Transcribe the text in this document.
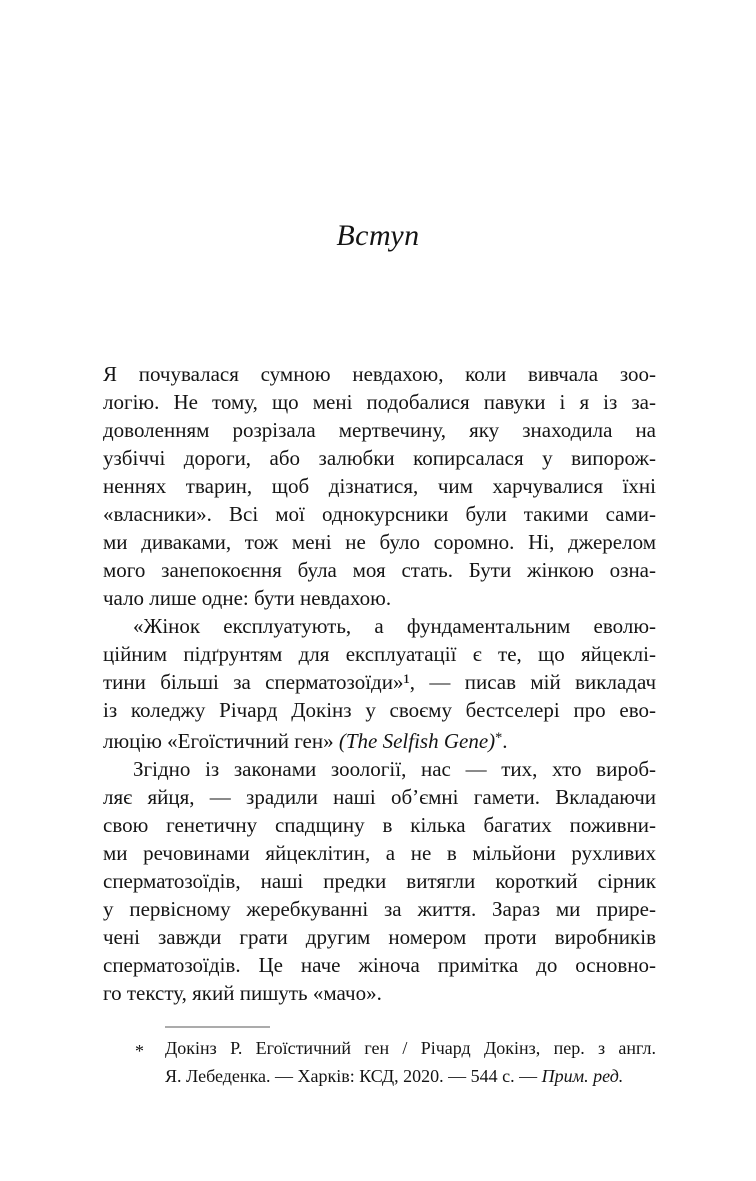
Вступ
Я почувалася сумною невдахою, коли вивчала зоо-
логію. Не тому, що мені подобалися павуки і я із за-
доволенням розрізала мертвечину, яку знаходила на
узбіччі дороги, або залюбки копирсалася у випорож-
неннях тварин, щоб дізнатися, чим харчувалися їхні
«власники». Всі мої однокурсники були такими сами-
ми диваками, тож мені не було соромно. Ні, джерелом
мого занепокоєння була моя стать. Бути жінкою озна-
чало лише одне: бути невдахою.
«Жінок експлуатують, а фундаментальним еволю-
ційним підґрунтям для експлуатації є те, що яйцеклі-
тини більші за сперматозоїди»¹, — писав мій викладач
із коледжу Річард Докінз у своєму бестселері про ево-
люцію «Егоїстичний ген» (The Selfish Gene)*.
Згідно із законами зоології, нас — тих, хто вироб-
ляє яйця, — зрадили наші об’ємні гамети. Вкладаючи
свою генетичну спадщину в кілька багатих поживни-
ми речовинами яйцеклітин, а не в мільйони рухливих
сперматозоїдів, наші предки витягли короткий сірник
у первісному жеребкуванні за життя. Зараз ми прире-
чені завжди грати другим номером проти виробників
сперматозоїдів. Це наче жіноча примітка до основно-
го тексту, який пишуть «мачо».
* Докінз Р. Егоїстичний ген / Річард Докінз, пер. з англ.
Я. Лебеденка. — Харків: КСД, 2020. — 544 с. — Прим. ред.
